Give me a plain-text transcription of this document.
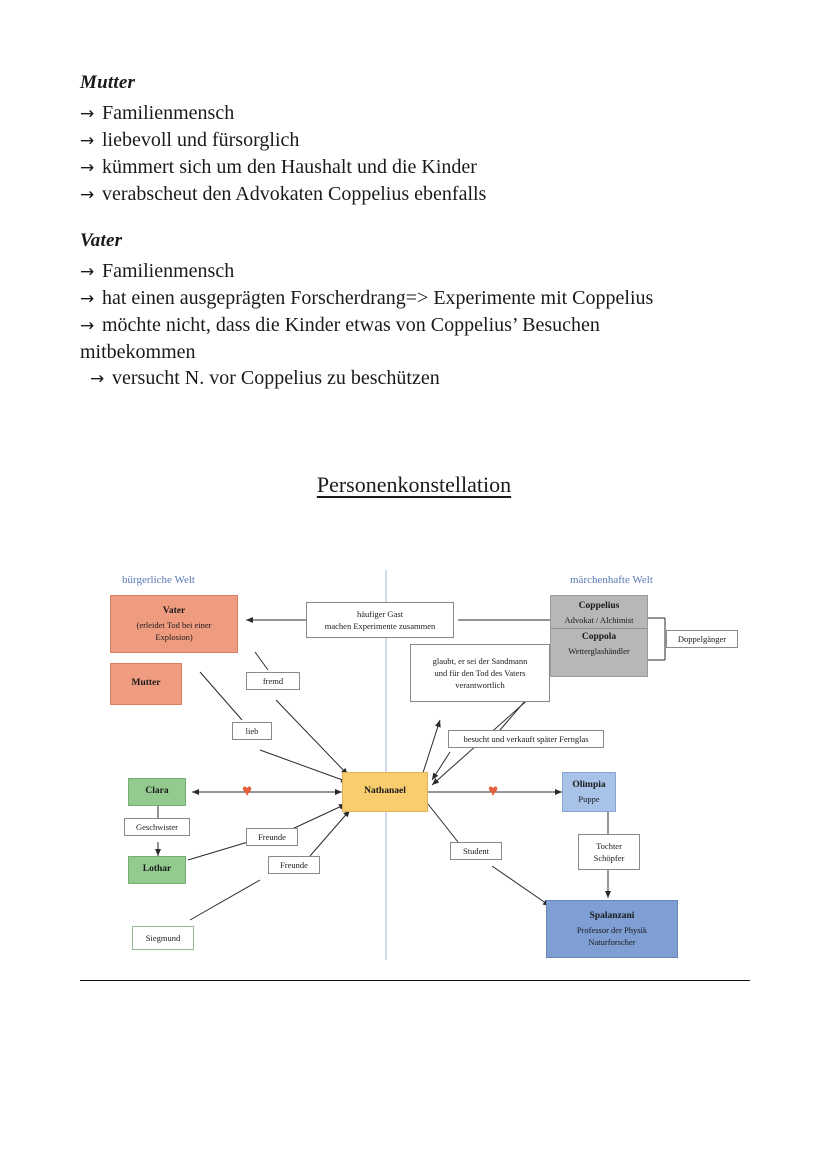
Mutter

→ Familienmensch

→ liebevoll und fürsorglich

→ kümmert sich um den Haushalt und die Kinder

→ verabscheut den Advokaten Coppelius ebenfalls

Vater

→ Familienmensch

→ hat einen ausgeprägten Forscherdrang=> Experimente mit Coppelius

→ möchte nicht, dass die Kinder etwas von Coppelius’ Besuchen

mitbekommen

→ versucht N. vor Coppelius zu beschützen

Personenkonstellation
bürgerliche Welt	märchenhafte Welt
Vater
(erleidet Tod bei einer
Explosion)
Mutter
häufiger Gast
machen Experimente zusammen
Coppelius
Advokat / Alchimist
Coppola
Wetterglashändler
Doppelgänger
glaubt, er sei der Sandmann
und für den Tod des Vaters
verantwortlich
fremd
lieb
besucht und verkauft später Fernglas
Nathanael
♥	♥
Clara
Geschwister
Lothar
Freunde
Freunde
Siegmund
Olimpia
Puppe
Student
Tochter
Schöpfer
Spalanzani
Professor der Physik
Naturforscher
